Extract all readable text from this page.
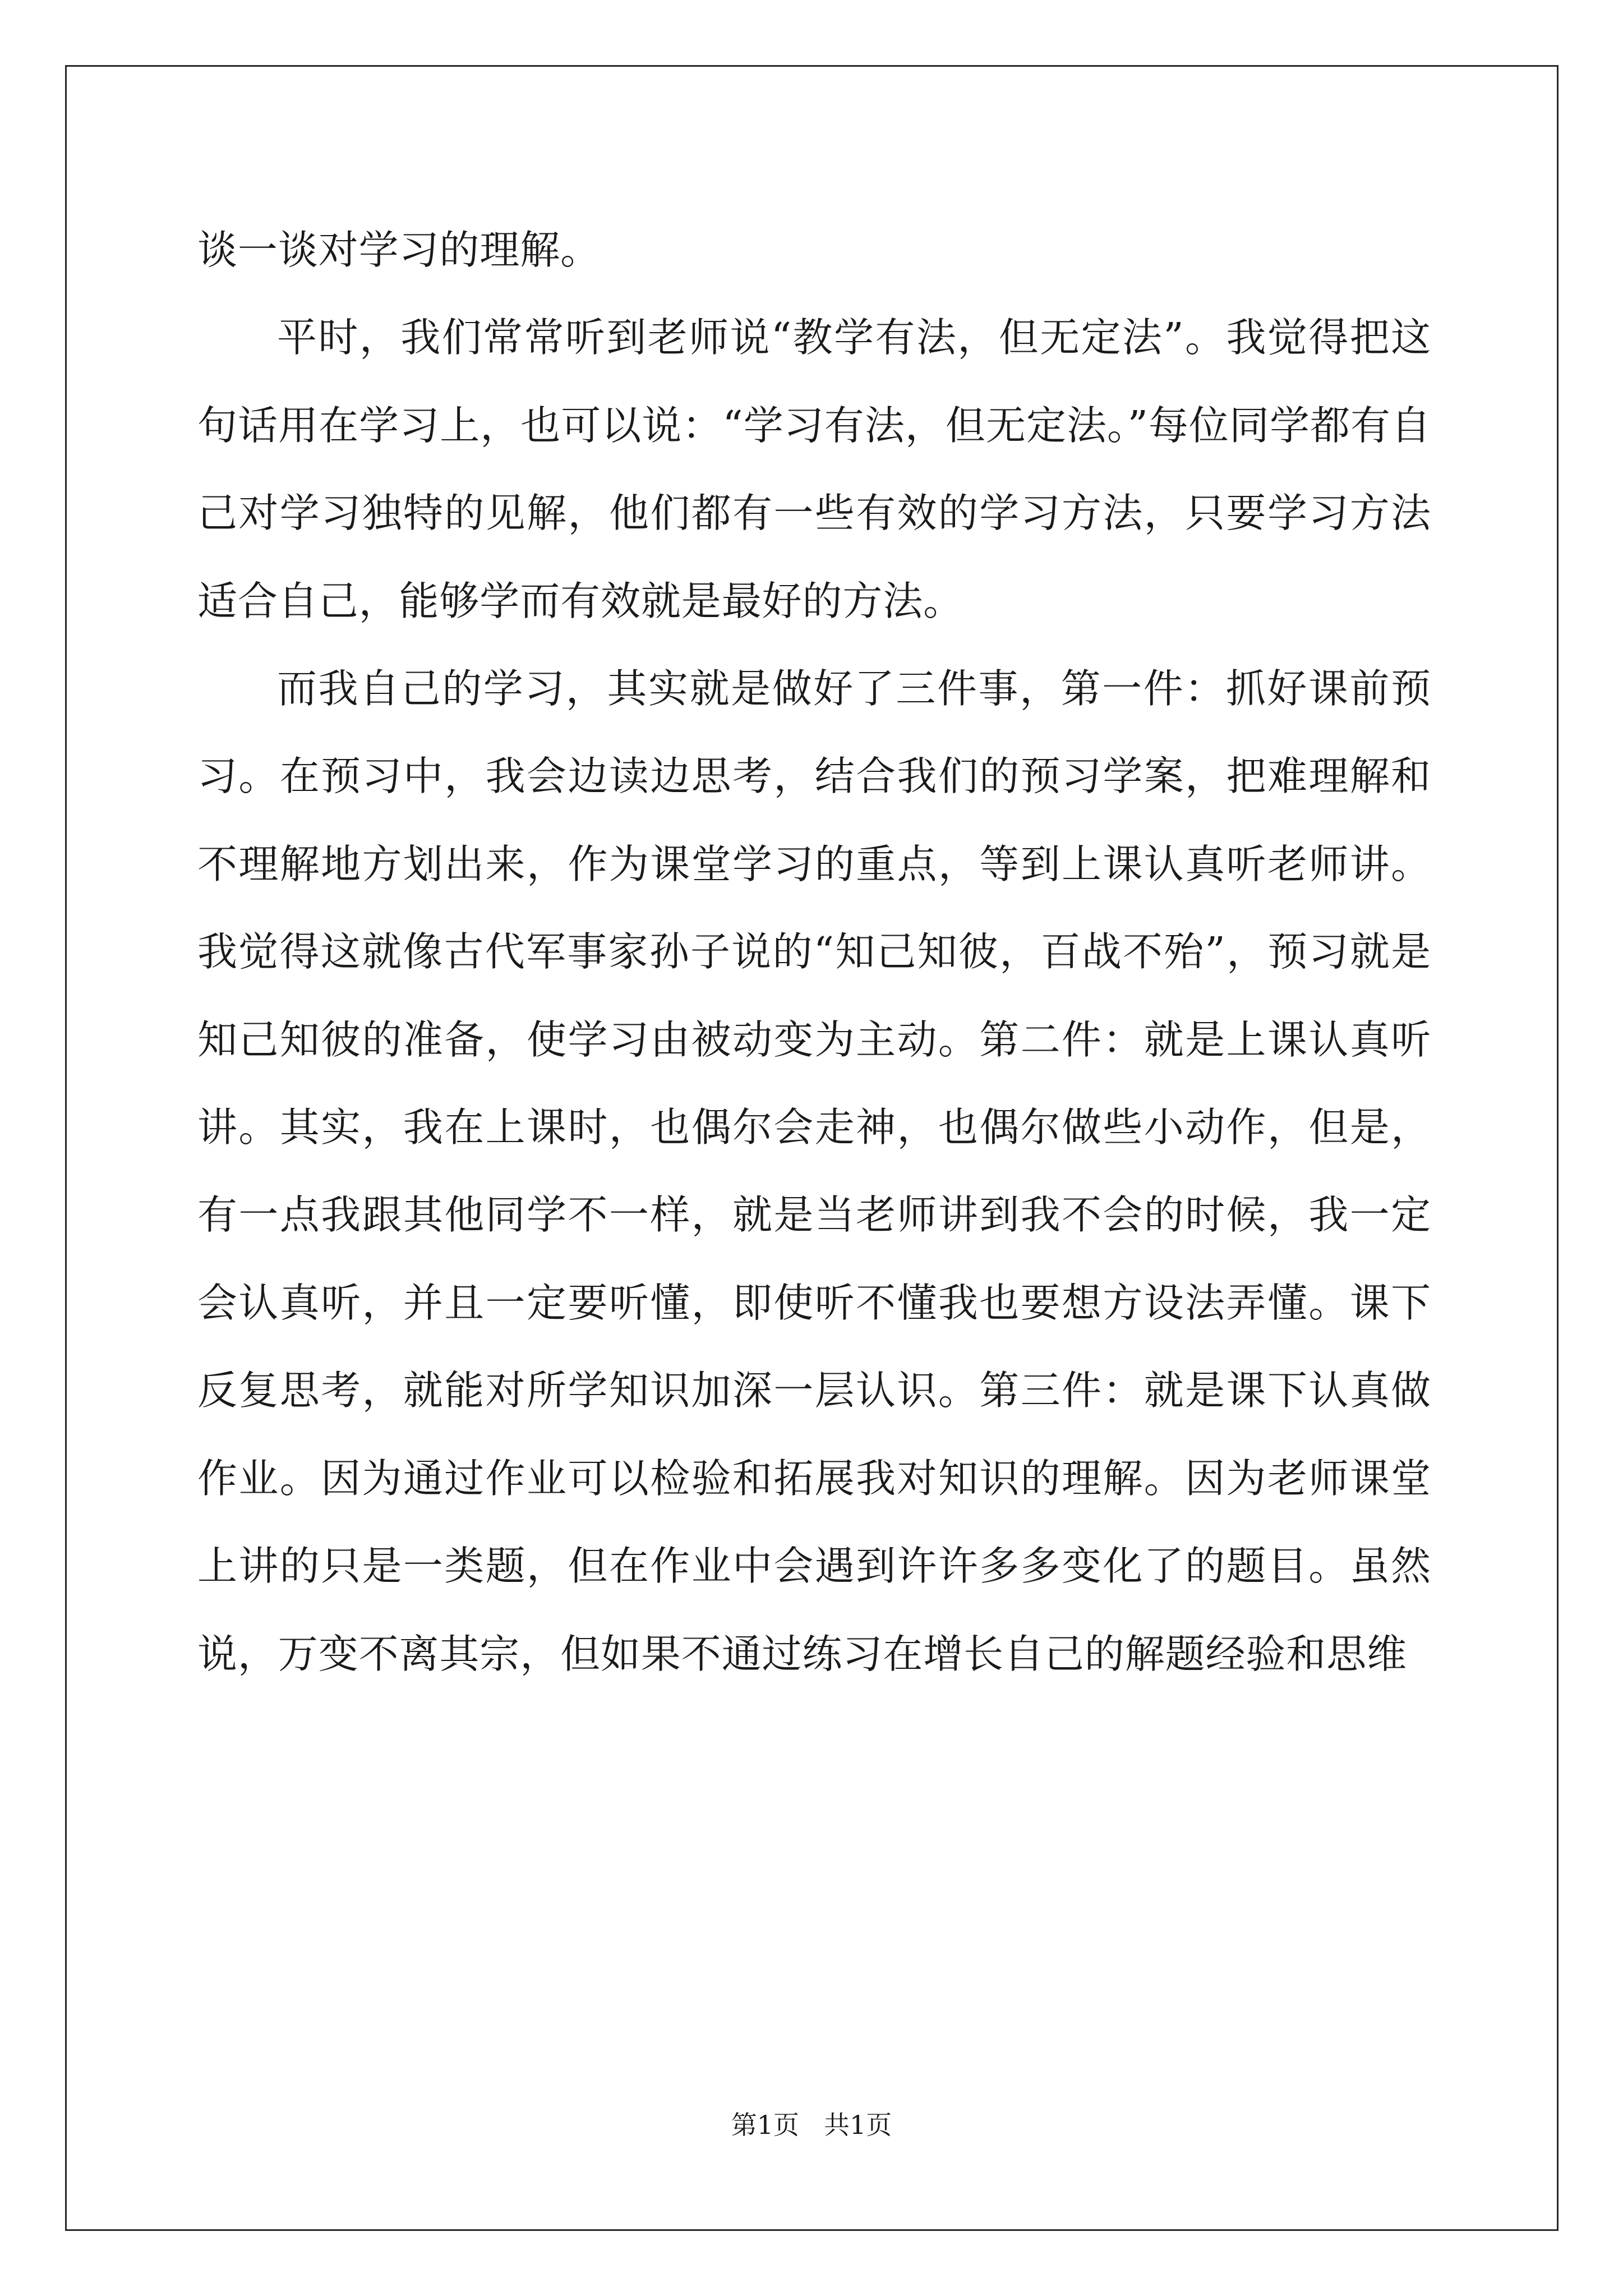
谈一谈对学习的理解。

平时，我们常常听到老师说“教学有法，但无定法”。我觉得把这句话用在学习上，也可以说：“学习有法，但无定法。”每位同学都有自己对学习独特的见解，他们都有一些有效的学习方法，只要学习方法适合自己，能够学而有效就是最好的方法。

而我自己的学习，其实就是做好了三件事，第一件：抓好课前预习。在预习中，我会边读边思考，结合我们的预习学案，把难理解和不理解地方划出来，作为课堂学习的重点，等到上课认真听老师讲。我觉得这就像古代军事家孙子说的“知己知彼，百战不殆”，预习就是知己知彼的准备，使学习由被动变为主动。第二件：就是上课认真听讲。其实，我在上课时，也偶尔会走神，也偶尔做些小动作，但是，有一点我跟其他同学不一样，就是当老师讲到我不会的时候，我一定会认真听，并且一定要听懂，即使听不懂我也要想方设法弄懂。课下反复思考，就能对所学知识加深一层认识。第三件：就是课下认真做作业。因为通过作业可以检验和拓展我对知识的理解。因为老师课堂上讲的只是一类题，但在作业中会遇到许许多多变化了的题目。虽然说，万变不离其宗，但如果不通过练习在增长自己的解题经验和思维

第1页 共1页
